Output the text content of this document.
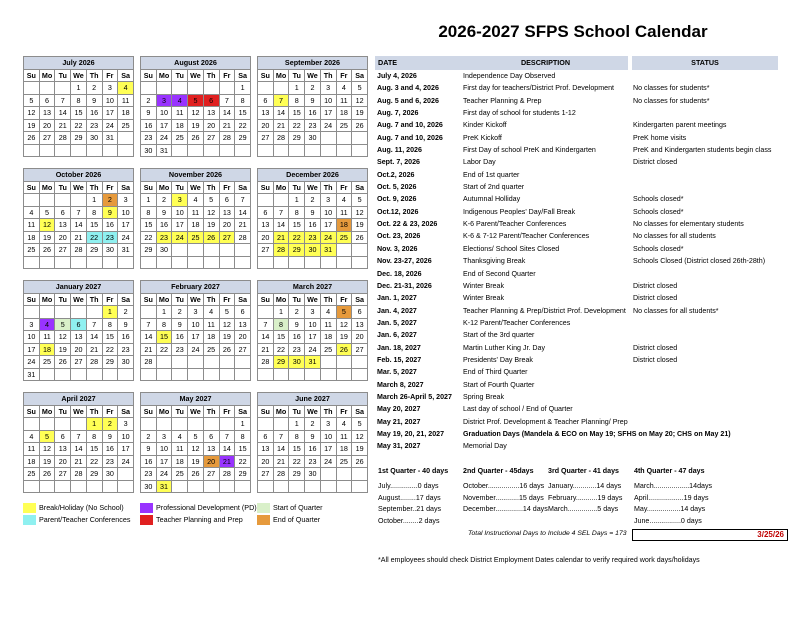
2026-2027 SFPS School Calendar
July 2026						
Su	Mo	Tu	We	Th	Fr	Sa
			1	2	3	4
5	6	7	8	9	10	11
12	13	14	15	16	17	18
19	20	21	22	23	24	25
26	27	28	29	30	31	

August 2026						
Su	Mo	Tu	We	Th	Fr	Sa
						1
2	3	4	5	6	7	8
9	10	11	12	13	14	15
16	17	18	19	20	21	22
23	24	25	26	27	28	29
30	31					
September 2026						
Su	Mo	Tu	We	Th	Fr	Sa
		1	2	3	4	5
6	7	8	9	10	11	12
13	14	15	16	17	18	19
20	21	22	23	24	25	26
27	28	29	30			

October 2026						
Su	Mo	Tu	We	Th	Fr	Sa
				1	2	3
4	5	6	7	8	9	10
11	12	13	14	15	16	17
18	19	20	21	22	23	24
25	26	27	28	29	30	31

November 2026						
Su	Mo	Tu	We	Th	Fr	Sa
1	2	3	4	5	6	7
8	9	10	11	12	13	14
15	16	17	18	19	20	21
22	23	24	25	26	27	28
29	30					

December 2026						
Su	Mo	Tu	We	Th	Fr	Sa
		1	2	3	4	5
6	7	8	9	10	11	12
13	14	15	16	17	18	19
20	21	22	23	24	25	26
27	28	29	30	31		

January 2027						
Su	Mo	Tu	We	Th	Fr	Sa
					1	2
3	4	5	6	7	8	9
10	11	12	13	14	15	16
17	18	19	20	21	22	23
24	25	26	27	28	29	30
31						
February 2027						
Su	Mo	Tu	We	Th	Fr	Sa
	1	2	3	4	5	6
7	8	9	10	11	12	13
14	15	16	17	18	19	20
21	22	23	24	25	26	27
28						

March 2027						
Su	Mo	Tu	We	Th	Fr	Sa
	1	2	3	4	5	6
7	8	9	10	11	12	13
14	15	16	17	18	19	20
21	22	23	24	25	26	27
28	29	30	31			

April 2027						
Su	Mo	Tu	We	Th	Fr	Sa
				1	2	3
4	5	6	7	8	9	10
11	12	13	14	15	16	17
18	19	20	21	22	23	24
25	26	27	28	29	30	

May 2027						
Su	Mo	Tu	We	Th	Fr	Sa
						1
2	3	4	5	6	7	8
9	10	11	12	13	14	15
16	17	18	19	20	21	22
23	24	25	26	27	28	29
30	31					
June 2027						
Su	Mo	Tu	We	Th	Fr	Sa
		1	2	3	4	5
6	7	8	9	10	11	12
13	14	15	16	17	18	19
20	21	22	23	24	25	26
27	28	29	30			

DATE	DESCRIPTION	STATUS
July 4, 2026	Independence Day Observed
Aug. 3 and 4, 2026	First day for teachers/District Prof. Development	No classes for students*
Aug. 5 and 6, 2026	Teacher Planning & Prep	No classes for students*
Aug. 7, 2026	First day of school for students 1-12
Aug. 7 and 10, 2026	Kinder Kickoff	Kindergarten parent meetings
Aug. 7 and 10, 2026	PreK Kickoff	PreK home visits
Aug. 11, 2026	First Day of school PreK and Kindergarten	PreK and Kindergarten students begin class
Sept. 7, 2026	Labor Day	District closed
Oct.2, 2026	End of 1st quarter
Oct. 5, 2026	Start of 2nd quarter
Oct. 9, 2026	Autumnal Holliday	Schools closed*
Oct.12, 2026	Indigenous Peoples' Day/Fall Break	Schools closed*
Oct. 22 & 23, 2026	K-6 Parent/Teacher Conferences	No classes for elementary students
Oct. 23, 2026	K-6 & 7-12 Parent/Teacher Conferences	No classes for all students
Nov. 3, 2026	Elections/ School Sites Closed	Schools closed*
Nov. 23-27, 2026	Thanksgiving Break	Schools Closed (District closed 26th-28th)
Dec. 18, 2026	End of Second Quarter
Dec. 21-31, 2026	Winter Break	District closed
Jan. 1, 2027	Winter Break	District closed
Jan. 4, 2027	Teacher Planning & Prep/District Prof. Development	No classes for all students*
Jan. 5, 2027	K-12 Parent/Teacher Conferences
Jan. 6, 2027	Start of the 3rd quarter
Jan. 18, 2027	Martin Luther King Jr. Day	District closed
Feb. 15, 2027	Presidents' Day Break	District closed
Mar. 5, 2027	End of Third Quarter
March 8, 2027	Start of Fourth Quarter
March 26-April 5, 2027	Spring Break
May 20, 2027	Last day of school / End of Quarter
May 21, 2027	District Prof. Development & Teacher Planning/ Prep
May 19, 20, 21, 2027	Graduation Days (Mandela & ECO on May 19; SFHS on May 20; CHS on May 21)
May 31, 2027	Memorial Day
1st Quarter - 40 days 2nd Quarter - 45days 3rd Quarter - 41 days 4th Quarter - 47 days
July..............0 days	October................16 days January............14 days March..................14days
August........17 days	November............15 days February...........19 days April..................19 days
September..21 days	December..............14 days March...............5 days May.................14 days
October........2 days	June................0 days
Total Instructional Days to Include 4 SEL Days = 173	3/25/26
*All employees should check District Employment Dates calendar to verify required work days/holidays
Break/Holiday (No School)	Professional Development (PD)	Start of Quarter
Parent/Teacher Conferences	Teacher Planning and Prep	End of Quarter
